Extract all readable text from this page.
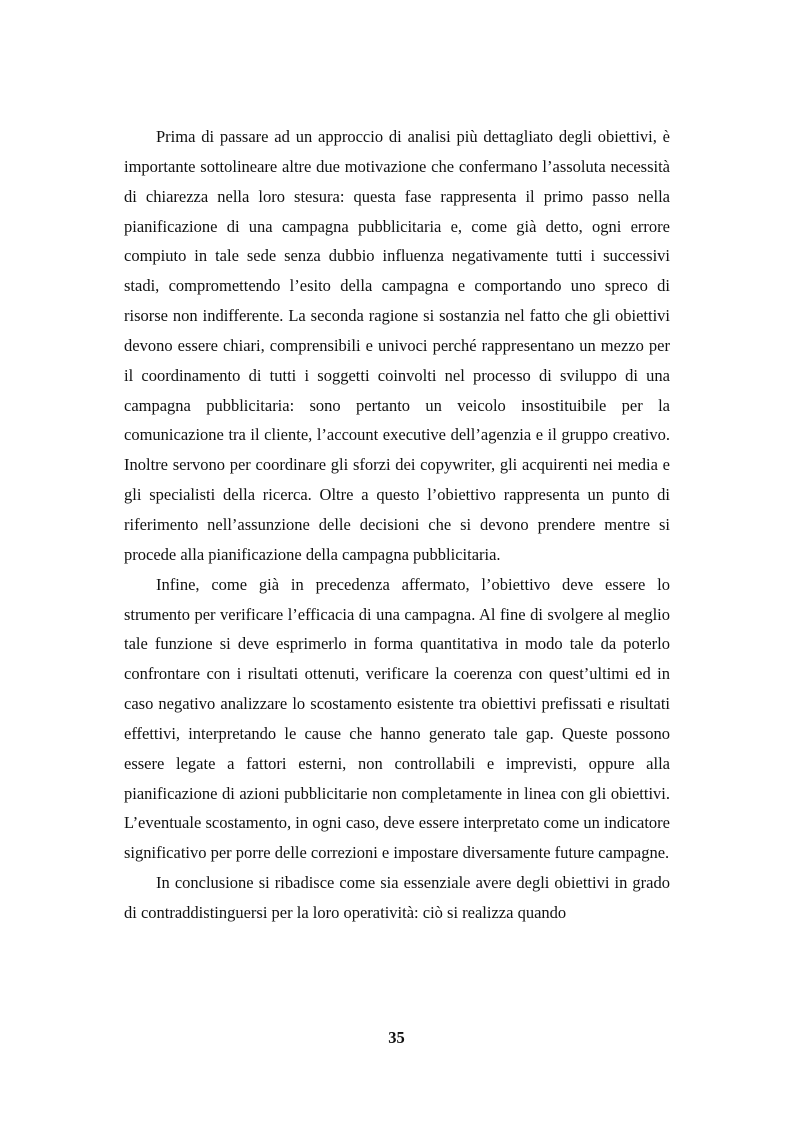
Prima di passare ad un approccio di analisi più dettagliato degli obiettivi, è importante sottolineare altre due motivazione che confermano l’assoluta necessità di chiarezza nella loro stesura: questa fase rappresenta il primo passo nella pianificazione di una campagna pubblicitaria e, come già detto, ogni errore compiuto in tale sede senza dubbio influenza negativamente tutti i successivi stadi, compromettendo l’esito della campagna e comportando uno spreco di risorse non indifferente. La seconda ragione si sostanzia nel fatto che gli obiettivi devono essere chiari, comprensibili e univoci perché rappresentano un mezzo per il coordinamento di tutti i soggetti coinvolti nel processo di sviluppo di una campagna pubblicitaria: sono pertanto un veicolo insostituibile per la comunicazione tra il cliente, l’account executive dell’agenzia e il gruppo creativo. Inoltre servono per coordinare gli sforzi dei copywriter, gli acquirenti nei media e gli specialisti della ricerca. Oltre a questo l’obiettivo rappresenta un punto di riferimento nell’assunzione delle decisioni che si devono prendere mentre si procede alla pianificazione della campagna pubblicitaria.

Infine, come già in precedenza affermato, l’obiettivo deve essere lo strumento per verificare l’efficacia di una campagna. Al fine di svolgere al meglio tale funzione si deve esprimerlo in forma quantitativa in modo tale da poterlo confrontare con i risultati ottenuti, verificare la coerenza con quest’ultimi ed in caso negativo analizzare lo scostamento esistente tra obiettivi prefissati e risultati effettivi, interpretando le cause che hanno generato tale gap. Queste possono essere legate a fattori esterni, non controllabili e imprevisti, oppure alla pianificazione di azioni pubblicitarie non completamente in linea con gli obiettivi. L’eventuale scostamento, in ogni caso, deve essere interpretato come un indicatore significativo per porre delle correzioni e impostare diversamente future campagne.

In conclusione si ribadisce come sia essenziale avere degli obiettivi in grado di contraddistinguersi per la loro operatività: ciò si realizza quando

35
